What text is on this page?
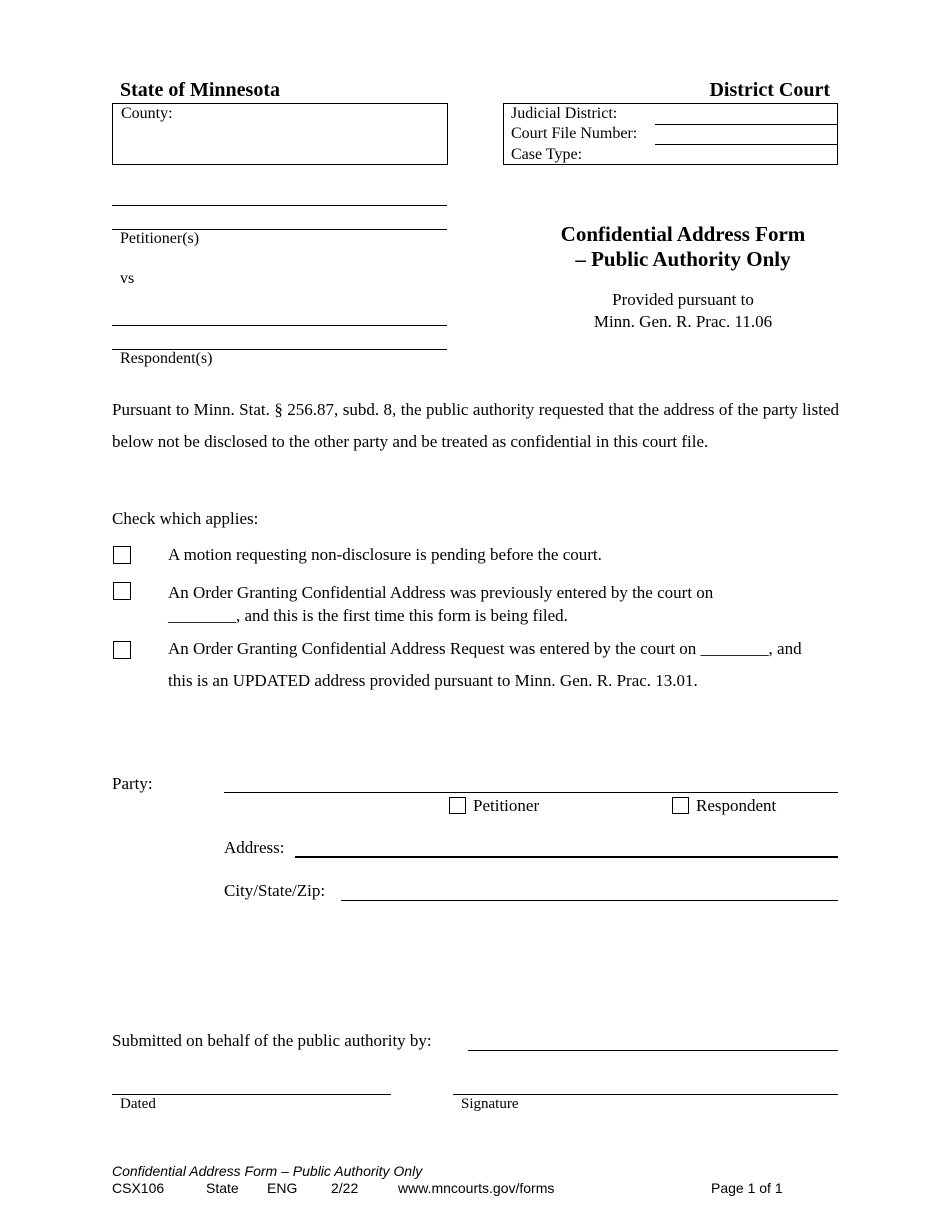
State of Minnesota	District Court
County:	Judicial District:
Court File Number:
Case Type:
Petitioner(s)
vs
Respondent(s)
Confidential Address Form
– Public Authority Only
Provided pursuant to
Minn. Gen. R. Prac. 11.06
Pursuant to Minn. Stat. § 256.87, subd. 8, the public authority requested that the address of the party listed below not be disclosed to the other party and be treated as confidential in this court file.
Check which applies:
A motion requesting non-disclosure is pending before the court.
An Order Granting Confidential Address was previously entered by the court on
________, and this is the first time this form is being filed.
An Order Granting Confidential Address Request was entered by the court on ________, and
this is an UPDATED address provided pursuant to Minn. Gen. R. Prac. 13.01.
Party:
Petitioner	Respondent
Address:
City/State/Zip:
Submitted on behalf of the public authority by:
Dated	Signature
Confidential Address Form – Public Authority Only
CSX106	State ENG 2/22	www.mncourts.gov/forms	Page 1 of 1
